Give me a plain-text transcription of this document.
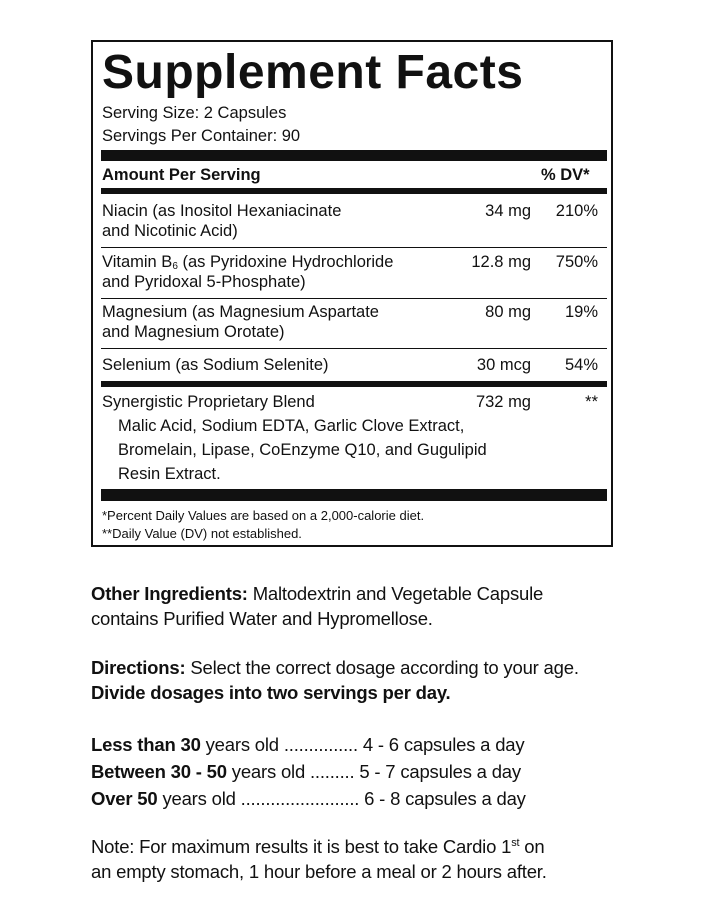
Supplement Facts
Serving Size: 2 Capsules
Servings Per Container: 90
Amount Per Serving	% DV*
Niacin (as Inositol Hexaniacinate
and Nicotinic Acid)
34 mg	210%
Vitamin $B_6$ (as Pyridoxine Hydrochloride
and Pyridoxal 5-Phosphate)
12.8 mg	750%
Magnesium (as Magnesium Aspartate
and Magnesium Orotate)
80 mg	19%
Selenium (as Sodium Selenite)	30 mcg	54%
Synergistic Proprietary Blend	732 mg	**
Malic Acid, Sodium EDTA, Garlic Clove Extract,
Bromelain, Lipase, CoEnzyme Q10, and Gugulipid
Resin Extract.
*Percent Daily Values are based on a 2,000-calorie diet.
**Daily Value (DV) not established.
Other Ingredients: Maltodextrin and Vegetable Capsule
contains Purified Water and Hypromellose.
Directions: Select the correct dosage according to your age.
Divide dosages into two servings per day.
Less than 30 years old ............... 4 - 6 capsules a day
Between 30 - 50 years old ......... 5 - 7 capsules a day
Over 50 years old ........................ 6 - 8 capsules a day
Note: For maximum results it is best to take Cardio 1st on
an empty stomach, 1 hour before a meal or 2 hours after.
